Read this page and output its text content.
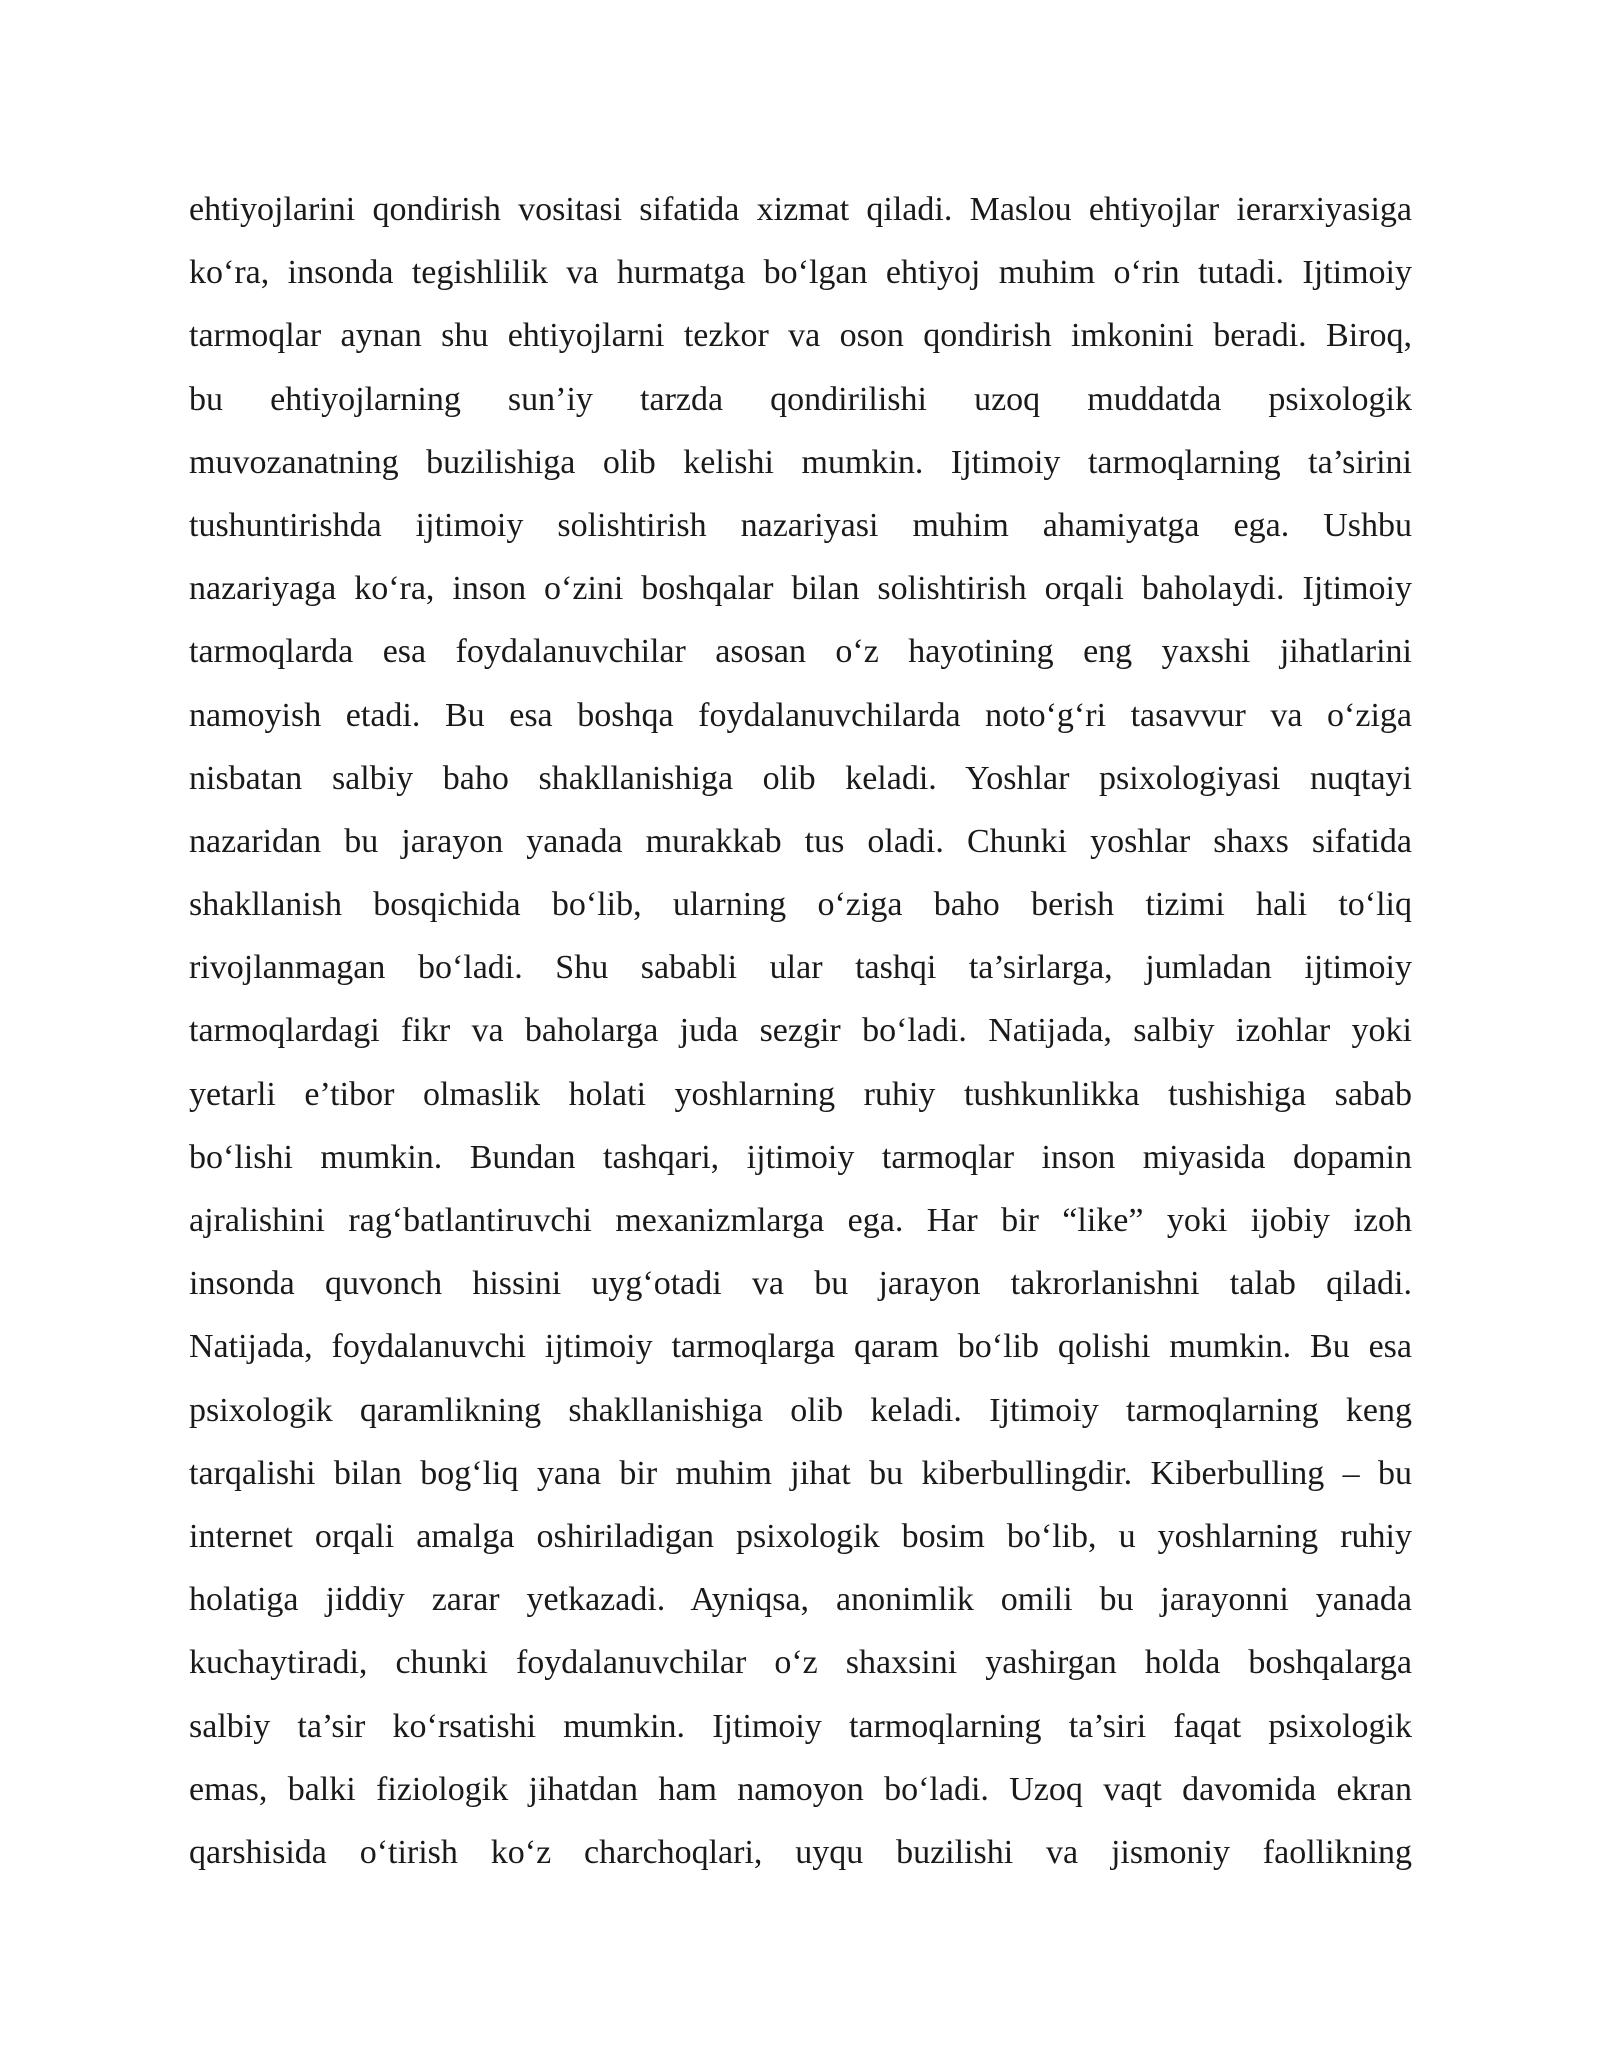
ehtiyojlarini qondirish vositasi sifatida xizmat qiladi. Maslou ehtiyojlar ierarxiyasiga
ko‘ra, insonda tegishlilik va hurmatga bo‘lgan ehtiyoj muhim o‘rin tutadi. Ijtimoiy
tarmoqlar aynan shu ehtiyojlarni tezkor va oson qondirish imkonini beradi. Biroq,
bu ehtiyojlarning sun’iy tarzda qondirilishi uzoq muddatda psixologik
muvozanatning buzilishiga olib kelishi mumkin. Ijtimoiy tarmoqlarning ta’sirini
tushuntirishda ijtimoiy solishtirish nazariyasi muhim ahamiyatga ega. Ushbu
nazariyaga ko‘ra, inson o‘zini boshqalar bilan solishtirish orqali baholaydi. Ijtimoiy
tarmoqlarda esa foydalanuvchilar asosan o‘z hayotining eng yaxshi jihatlarini
namoyish etadi. Bu esa boshqa foydalanuvchilarda noto‘g‘ri tasavvur va o‘ziga
nisbatan salbiy baho shakllanishiga olib keladi. Yoshlar psixologiyasi nuqtayi
nazaridan bu jarayon yanada murakkab tus oladi. Chunki yoshlar shaxs sifatida
shakllanish bosqichida bo‘lib, ularning o‘ziga baho berish tizimi hali to‘liq
rivojlanmagan bo‘ladi. Shu sababli ular tashqi ta’sirlarga, jumladan ijtimoiy
tarmoqlardagi fikr va baholarga juda sezgir bo‘ladi. Natijada, salbiy izohlar yoki
yetarli e’tibor olmaslik holati yoshlarning ruhiy tushkunlikka tushishiga sabab
bo‘lishi mumkin. Bundan tashqari, ijtimoiy tarmoqlar inson miyasida dopamin
ajralishini rag‘batlantiruvchi mexanizmlarga ega. Har bir “like” yoki ijobiy izoh
insonda quvonch hissini uyg‘otadi va bu jarayon takrorlanishni talab qiladi.
Natijada, foydalanuvchi ijtimoiy tarmoqlarga qaram bo‘lib qolishi mumkin. Bu esa
psixologik qaramlikning shakllanishiga olib keladi. Ijtimoiy tarmoqlarning keng
tarqalishi bilan bog‘liq yana bir muhim jihat bu kiberbullingdir. Kiberbulling – bu
internet orqali amalga oshiriladigan psixologik bosim bo‘lib, u yoshlarning ruhiy
holatiga jiddiy zarar yetkazadi. Ayniqsa, anonimlik omili bu jarayonni yanada
kuchaytiradi, chunki foydalanuvchilar o‘z shaxsini yashirgan holda boshqalarga
salbiy ta’sir ko‘rsatishi mumkin. Ijtimoiy tarmoqlarning ta’siri faqat psixologik
emas, balki fiziologik jihatdan ham namoyon bo‘ladi. Uzoq vaqt davomida ekran
qarshisida o‘tirish ko‘z charchoqlari, uyqu buzilishi va jismoniy faollikning
